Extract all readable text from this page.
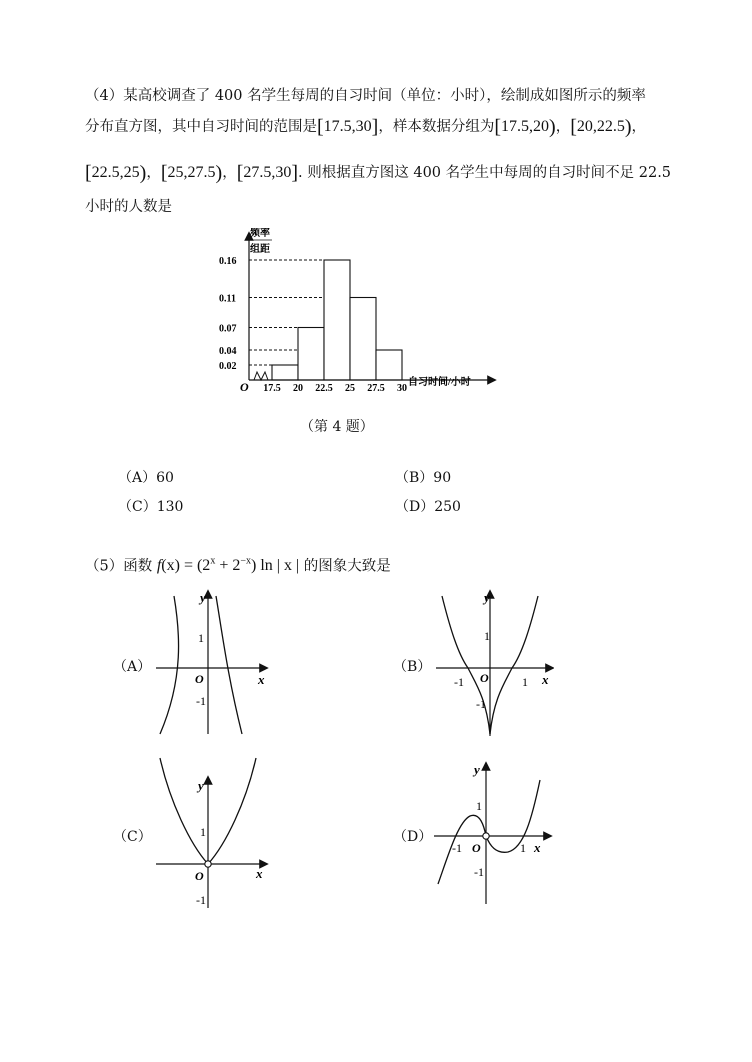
（4）某高校调查了 400 名学生每周的自习时间（单位：小时），绘制成如图所示的频率
分布直方图，其中自习时间的范围是[17.5,30]，样本数据分组为[17.5,20)，[20,22.5)，
[22.5,25)，[25,27.5)，[27.5,30]. 则根据直方图这 400 名学生中每周的自习时间不足 22.5
小时的人数是
频率
组距
O	自习时间/小时
0.16
0.11
0.07
0.04
0.02
17.5 20 22.5 25 27.5 30
（第 4 题）
（A）60	（B）90
（C）130	（D）250
（5）函数 $f(x) = (2^x + 2^{-x})$ ln | x | 的图象大致是
（A）
y
x
O
1
-1
（B）
y
x
O
1
-1
-1	1
（C）
y
x
O
1
-1
（D）
y
x
O
1
-1
-1	1
